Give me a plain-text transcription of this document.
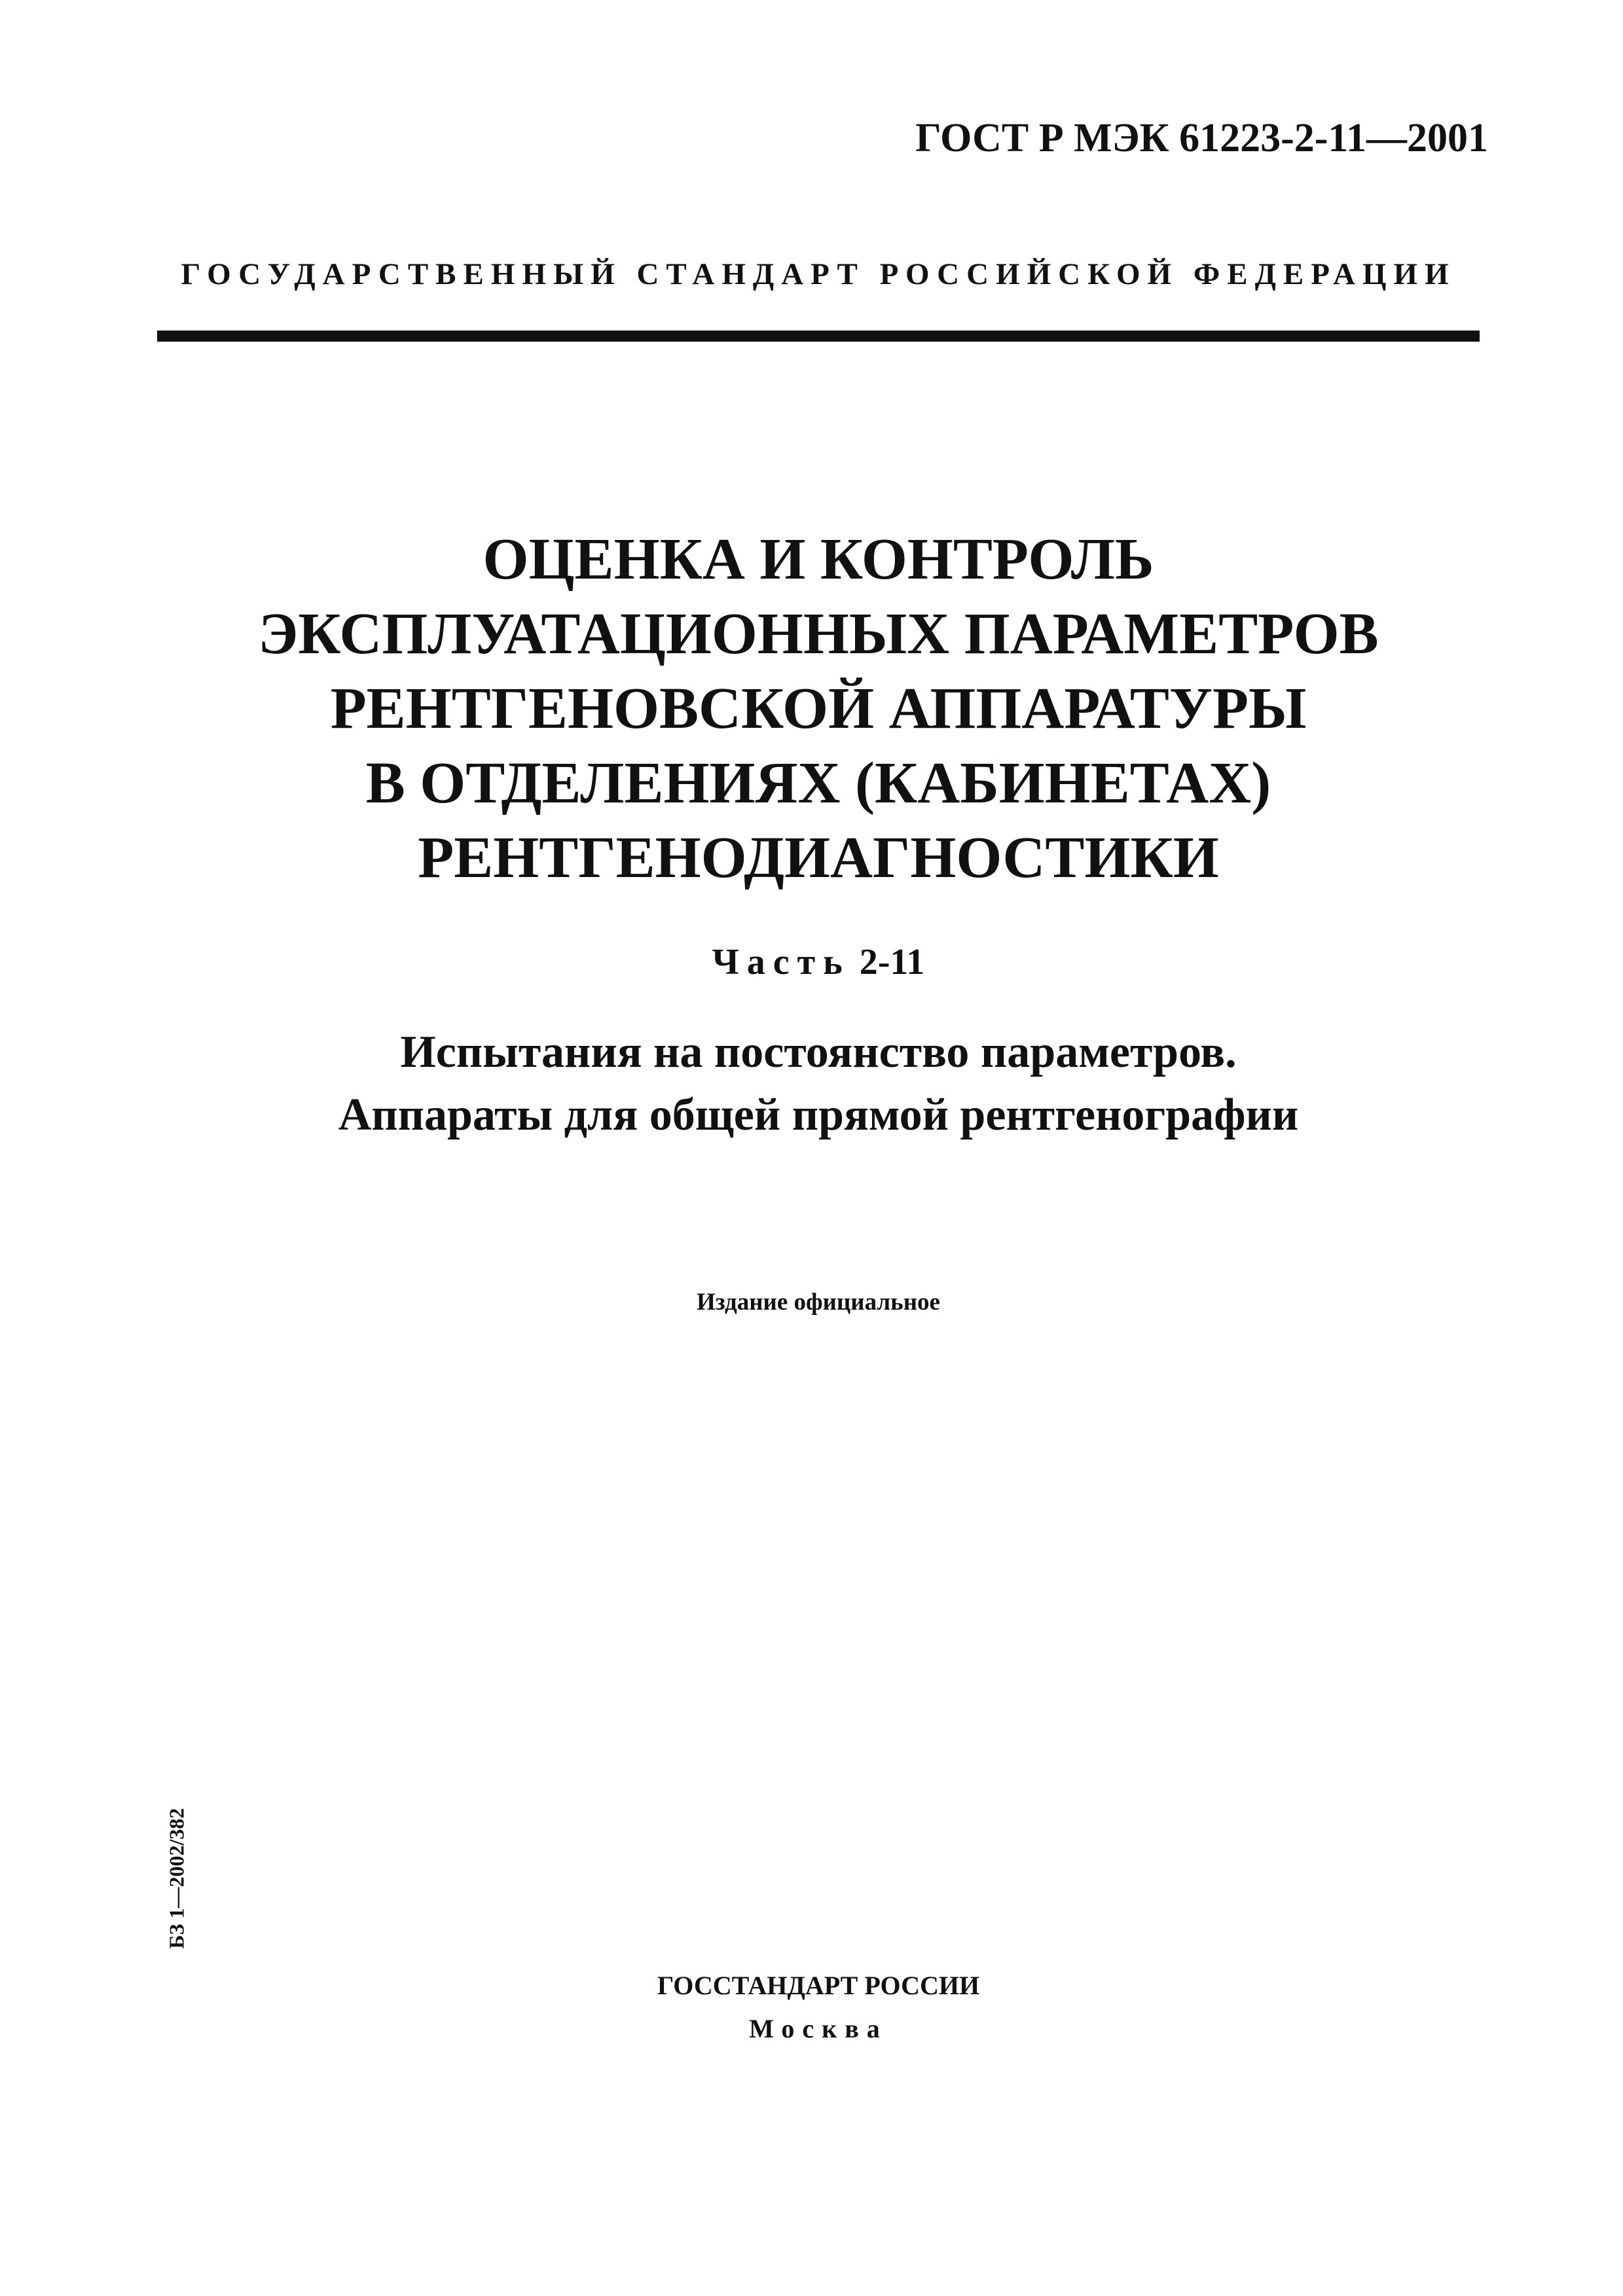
ГОСТ Р МЭК 61223-2-11—2001
ГОСУДАРСТВЕННЫЙ СТАНДАРТ РОССИЙСКОЙ ФЕДЕРАЦИИ
ОЦЕНКА И КОНТРОЛЬ
ЭКСПЛУАТАЦИОННЫХ ПАРАМЕТРОВ
РЕНТГЕНОВСКОЙ АППАРАТУРЫ
В ОТДЕЛЕНИЯХ (КАБИНЕТАХ)
РЕНТГЕНОДИАГНОСТИКИ
Часть 2-11
Испытания на постоянство параметров.
Аппараты для общей прямой рентгенографии
Издание официальное
БЗ 1—2002/382
ГОССТАНДАРТ РОССИИ
Москва
